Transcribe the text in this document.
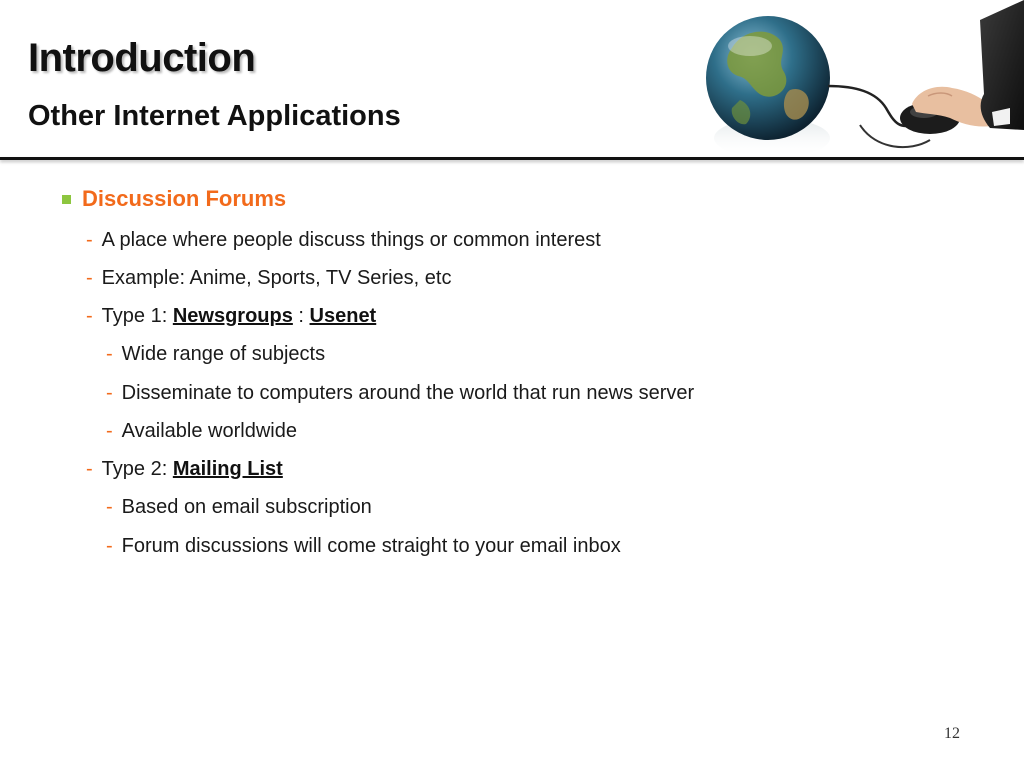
Introduction
Other Internet Applications
Discussion Forums
- A place where people discuss things or common interest
- Example: Anime, Sports, TV Series, etc
- Type 1: Newsgroups : Usenet
- Wide range of subjects
- Disseminate to computers around the world that run news server
- Available worldwide
- Type 2: Mailing List
- Based on email subscription
- Forum discussions will come straight to your email inbox
12
